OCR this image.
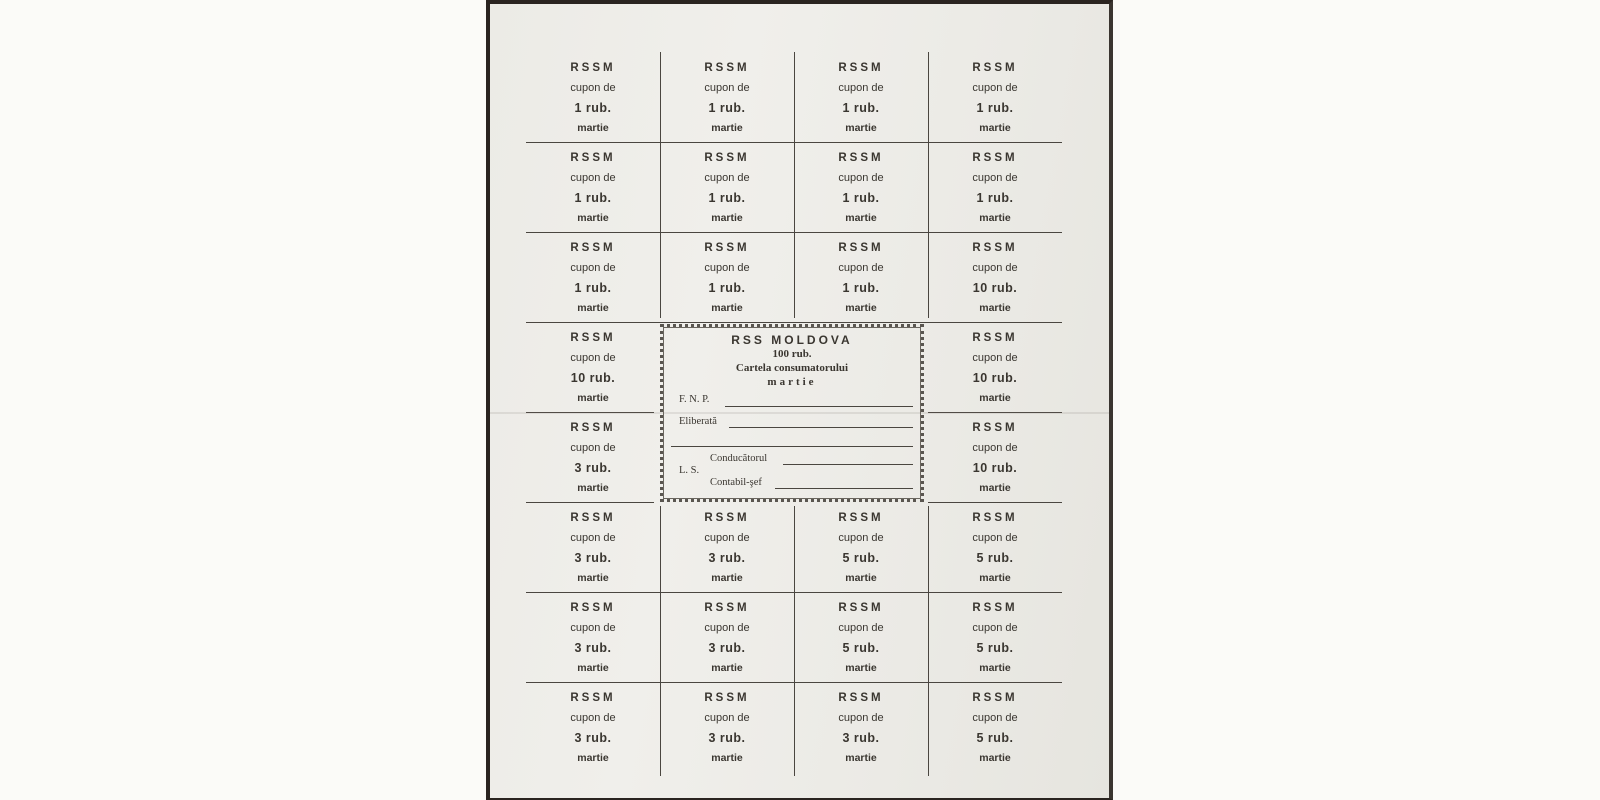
RSSM
cupon de
1 rub.
martie
RSSM
cupon de
1 rub.
martie
RSSM
cupon de
1 rub.
martie
RSSM
cupon de
1 rub.
martie
RSSM
cupon de
1 rub.
martie
RSSM
cupon de
1 rub.
martie
RSSM
cupon de
1 rub.
martie
RSSM
cupon de
1 rub.
martie
RSSM
cupon de
1 rub.
martie
RSSM
cupon de
1 rub.
martie
RSSM
cupon de
1 rub.
martie
RSSM
cupon de
10 rub.
martie
RSSM
cupon de
10 rub.
martie
RSSM
cupon de
10 rub.
martie
RSSM
cupon de
3 rub.
martie
RSSM
cupon de
10 rub.
martie
RSSM
cupon de
3 rub.
martie
RSSM
cupon de
3 rub.
martie
RSSM
cupon de
5 rub.
martie
RSSM
cupon de
5 rub.
martie
RSSM
cupon de
3 rub.
martie
RSSM
cupon de
3 rub.
martie
RSSM
cupon de
5 rub.
martie
RSSM
cupon de
5 rub.
martie
RSSM
cupon de
3 rub.
martie
RSSM
cupon de
3 rub.
martie
RSSM
cupon de
3 rub.
martie
RSSM
cupon de
5 rub.
martie
RSS MOLDOVA
100 rub.
Cartela consumatorului
martie
F. N. P.
Eliberată
Conducătorul
L. S.
Contabil-şef
